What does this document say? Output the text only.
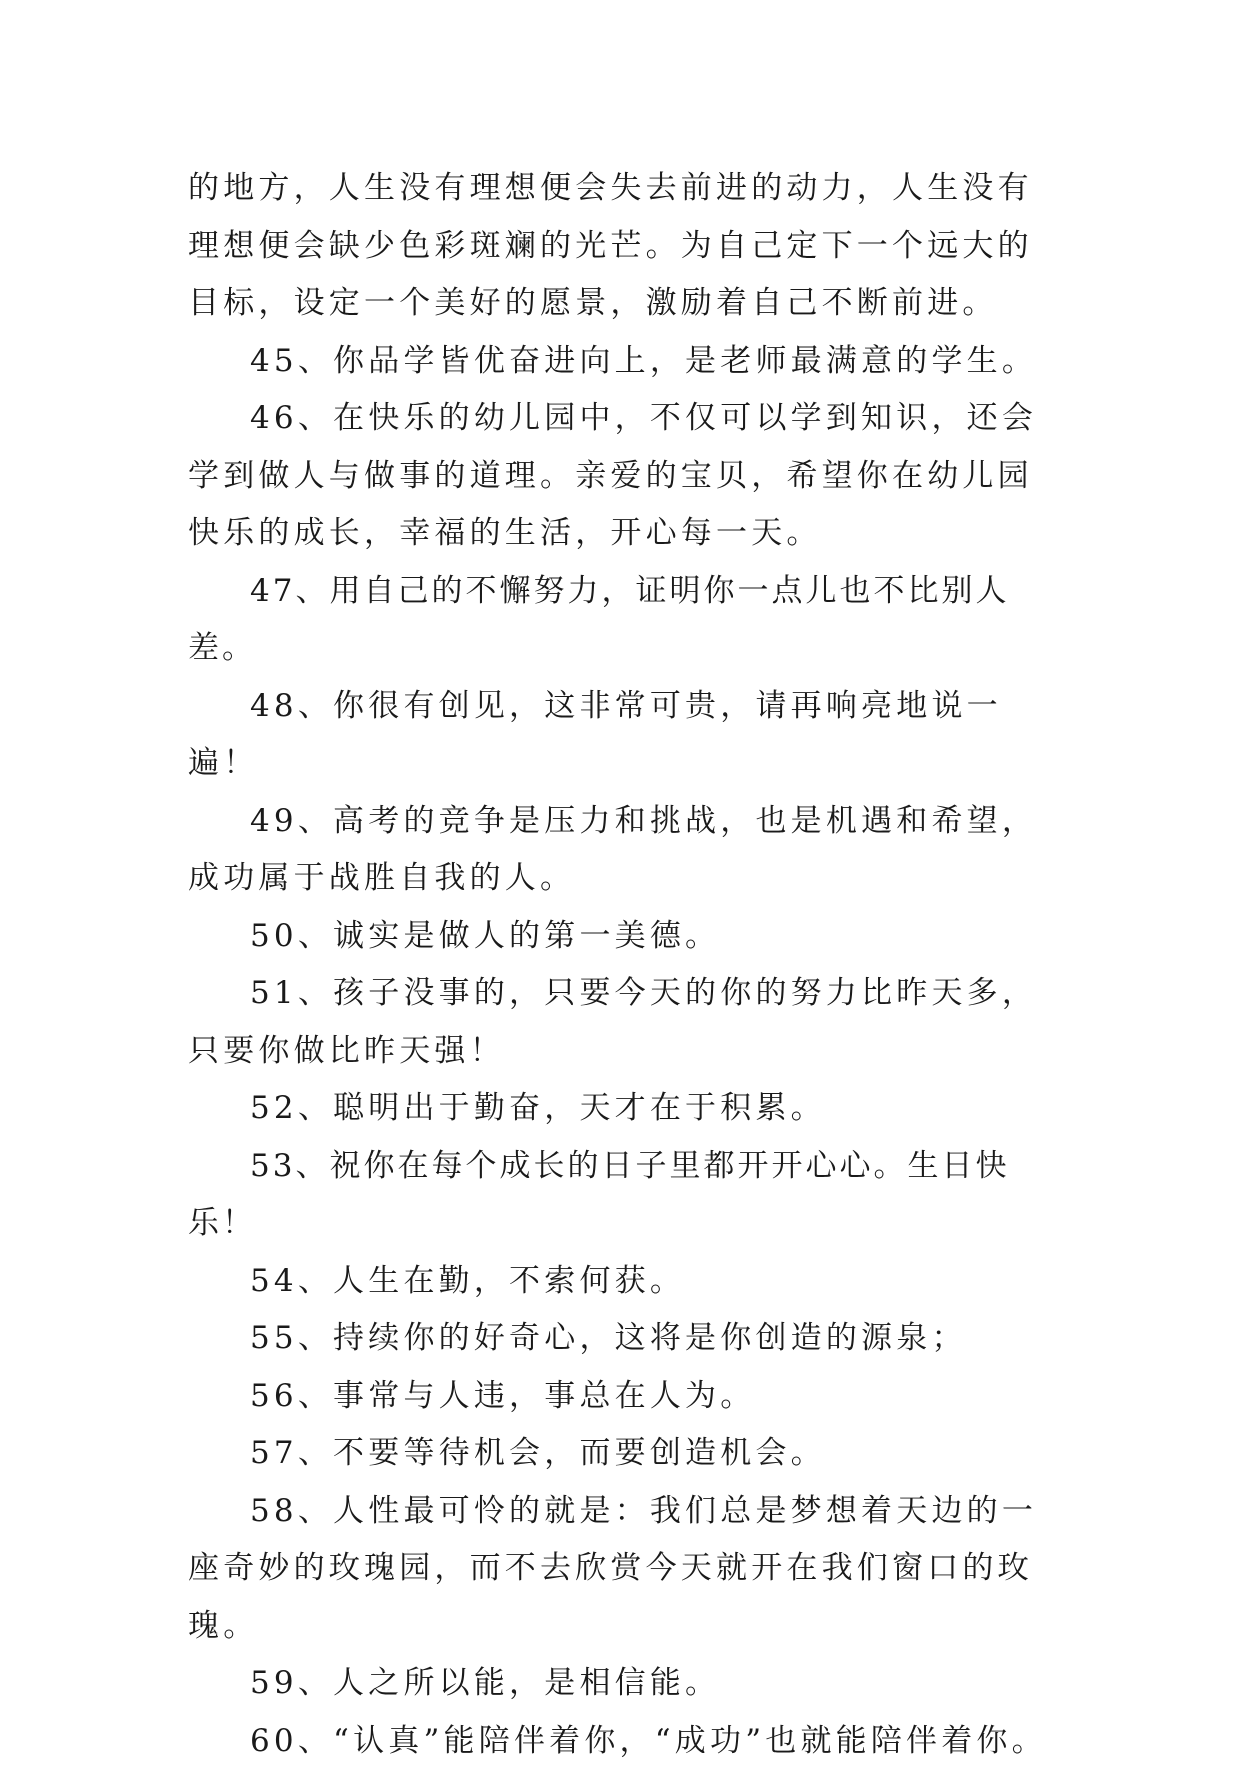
的地方，人生没有理想便会失去前进的动力，人生没有理想便会缺少色彩斑斓的光芒。为自己定下一个远大的目标，设定一个美好的愿景，激励着自己不断前进。

45、你品学皆优奋进向上，是老师最满意的学生。

46、在快乐的幼儿园中，不仅可以学到知识，还会学到做人与做事的道理。亲爱的宝贝，希望你在幼儿园快乐的成长，幸福的生活，开心每一天。

47、用自己的不懈努力，证明你一点儿也不比别人差。

48、你很有创见，这非常可贵，请再响亮地说一遍！

49、高考的竞争是压力和挑战，也是机遇和希望，成功属于战胜自我的人。

50、诚实是做人的第一美德。

51、孩子没事的，只要今天的你的努力比昨天多，只要你做比昨天强！

52、聪明出于勤奋，天才在于积累。

53、祝你在每个成长的日子里都开开心心。生日快乐！

54、人生在勤，不索何获。

55、持续你的好奇心，这将是你创造的源泉；

56、事常与人违，事总在人为。

57、不要等待机会，而要创造机会。

58、人性最可怜的就是：我们总是梦想着天边的一座奇妙的玫瑰园，而不去欣赏今天就开在我们窗口的玫瑰。

59、人之所以能，是相信能。

60、“认真”能陪伴着你，“成功”也就能陪伴着你。
